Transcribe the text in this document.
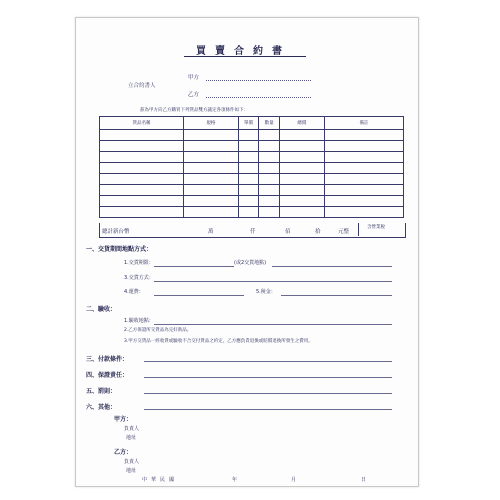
買賣合約書
立合約書人
甲方
乙方
茲為甲方向乙方購買下列貨品雙方議定各項條件如下：
貨品名稱	規格	單價	數量	總價	備註

總計新台幣	萬	仟	佰	拾	元整
含營業稅
一、交貨期間地點方式：
1.交貨期限：	(或2交貨地點)
3.交貨方式：
4.運費：	5.稅金：
二、驗收：
1.驗收地點：
2.乙方保證所交貨品為完好新品。
3.甲方交貨品一經收貨或驗收不合交付貨品之約定，乙方應負責退換或賠償退換所發生之費用。
三、付款條件：
四、保證責任：
五、罰則：
六、其他：
甲方：
負責人
地址
乙方：
負責人
地址
中華民國	年	月	日
